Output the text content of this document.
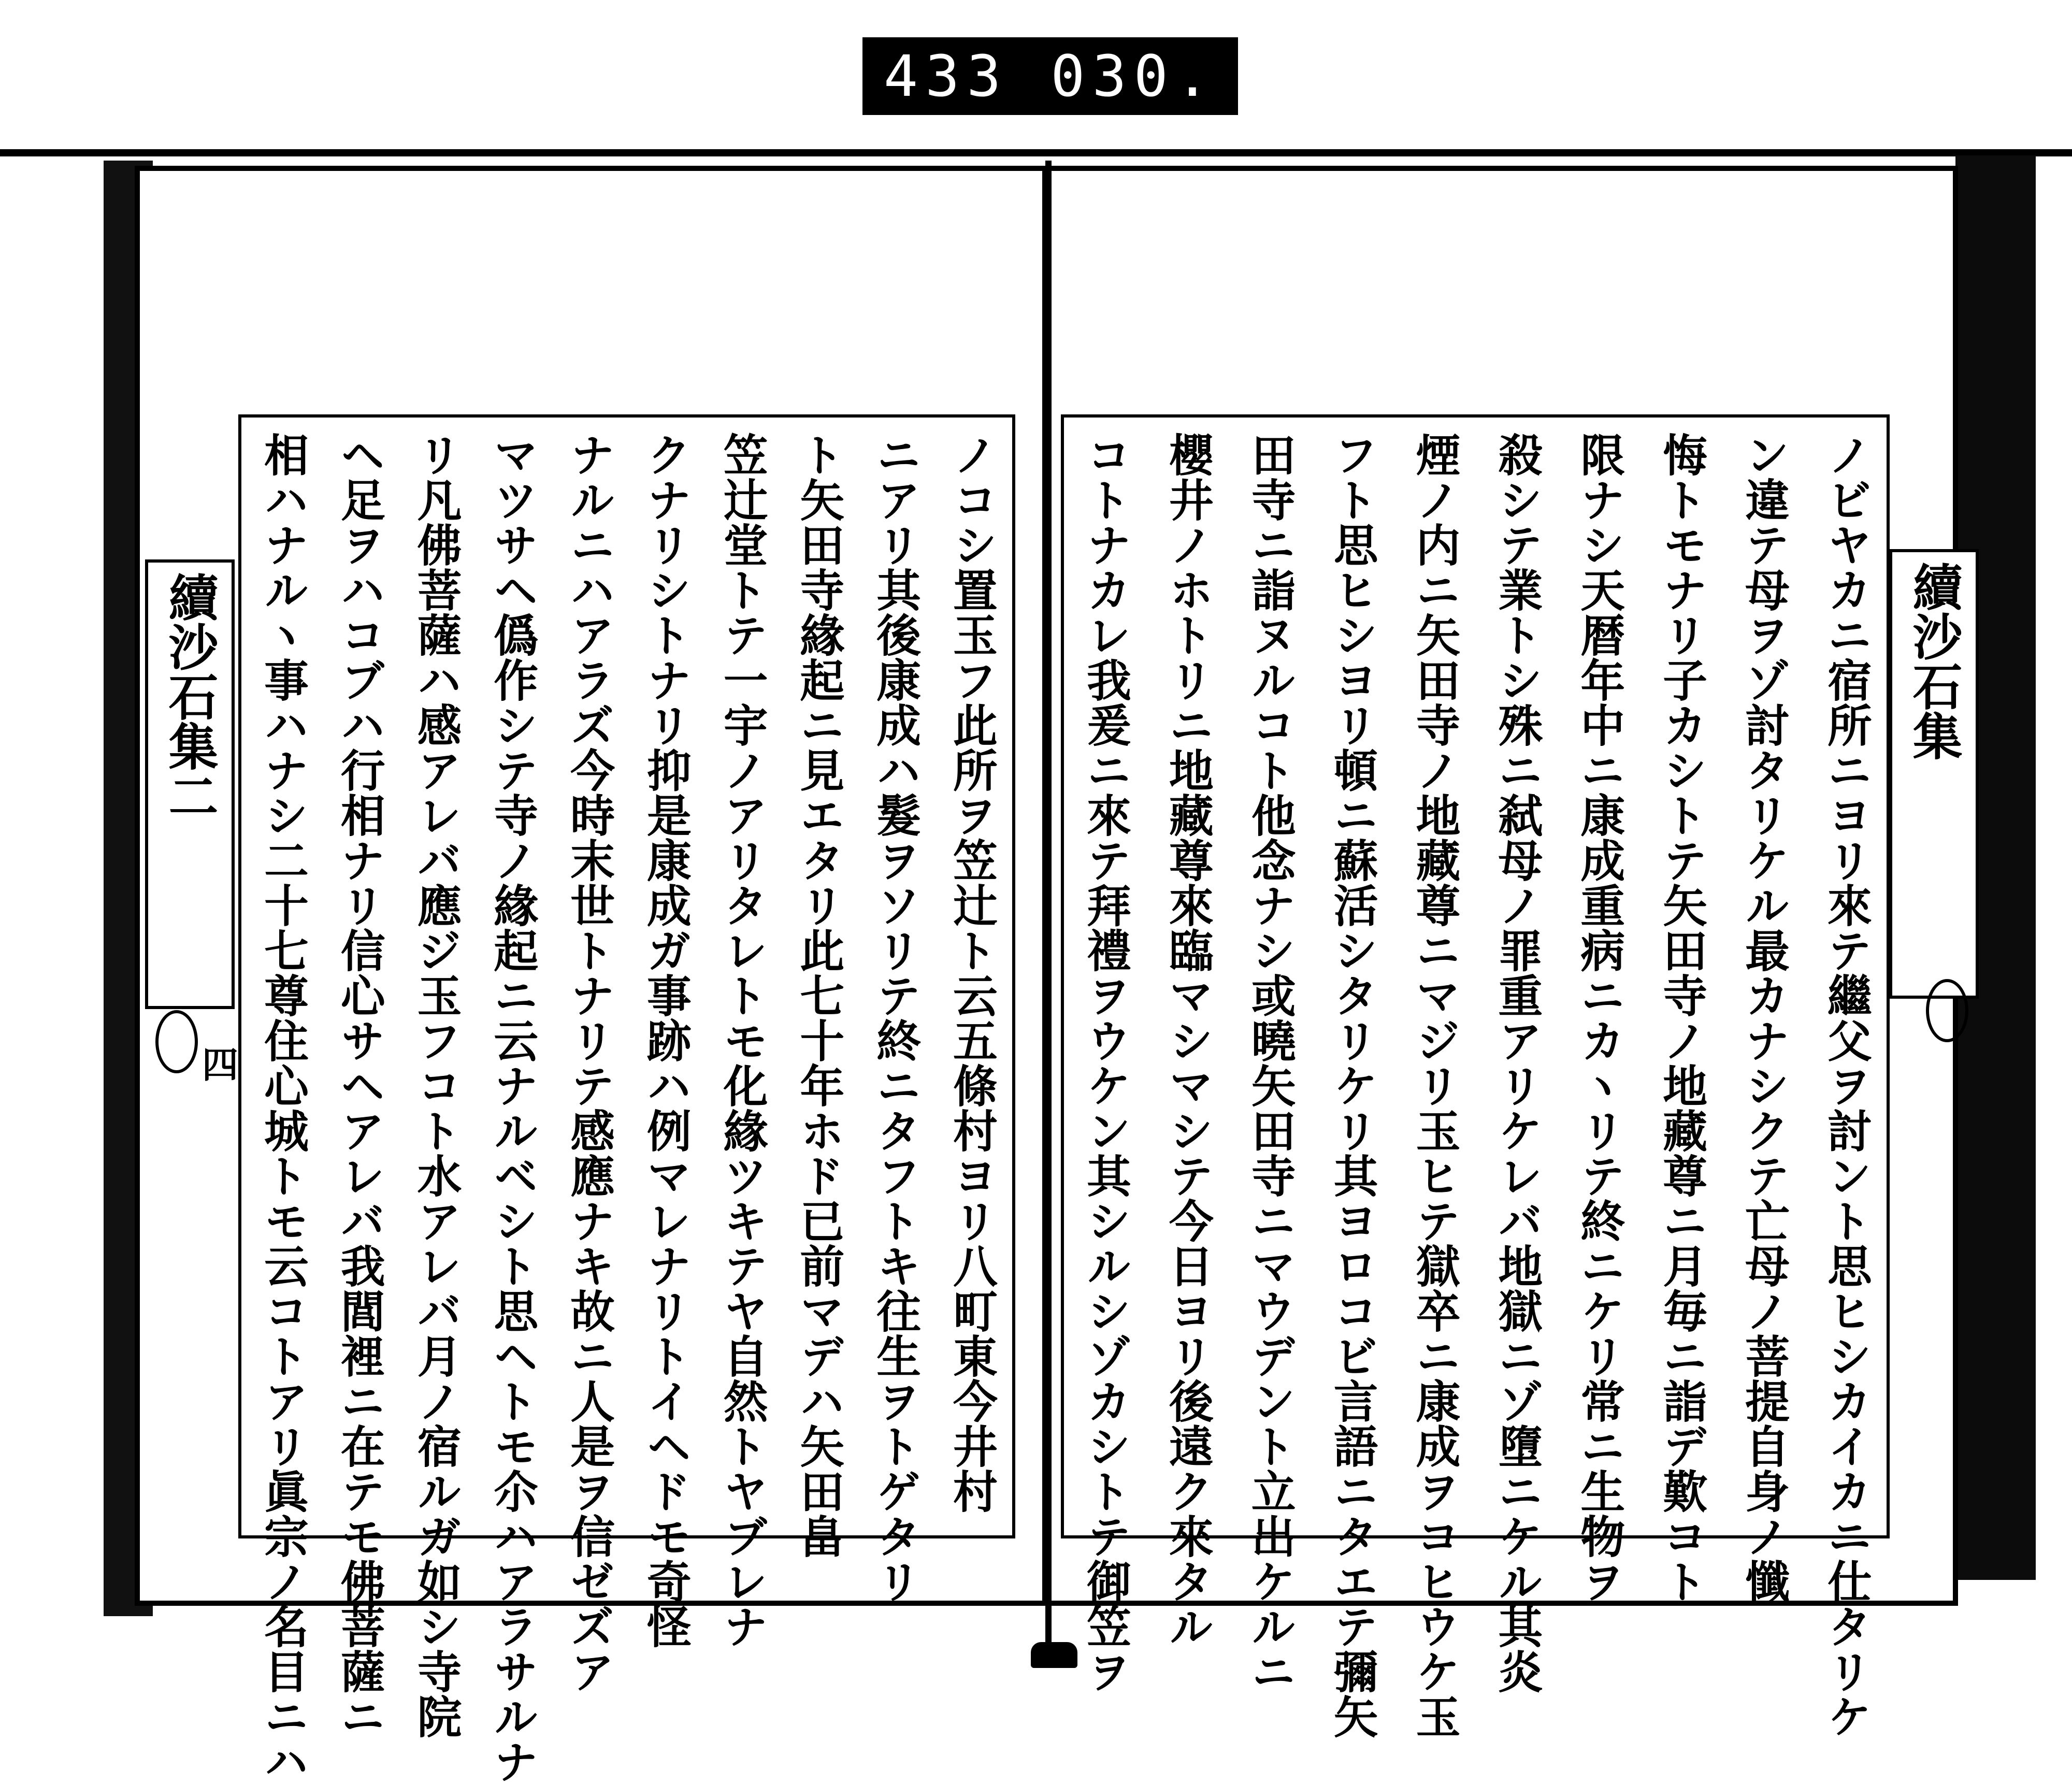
433 030.
續沙石集二
四	ノコシ置玉フ此所ヲ笠辻ト云五條村ヨリ八町東今井村
ニアリ其後康成ハ髮ヲソリテ終ニタフトキ往生ヲトゲタリ
ト矢田寺緣起ニ見エタリ此七十年ホド已前マデハ矢田畠
笠辻堂トテ一宇ノアリタレトモ化緣ツキテヤ自然トヤブレナ
クナリシトナリ抑是康成ガ事跡ハ例マレナリトイヘドモ奇怪
ナルニハアラズ今時末世トナリテ感應ナキ故ニ人是ヲ信ゼズア
マツサヘ僞作シテ寺ノ緣起ニ云ナルベシト思ヘトモ尒ハアラサルナ
リ凡佛菩薩ハ感アレバ應ジ玉フコト水アレバ月ノ宿ルガ如シ寺院
ヘ足ヲハコブハ行相ナリ信心サヘアレバ我閭裡ニ在テモ佛菩薩ニ
相ハナルヽ事ハナシ二十七尊住心城トモ云コトアリ眞宗ノ名目ニハ	續沙石集
ノビヤカニ宿所ニヨリ來テ繼父ヲ討ント思ヒシカイカニ仕タリケ
ン違テ母ヲゾ討タリケル最カナシクテ亡母ノ菩提自身ノ懺
悔トモナリ子カシトテ矢田寺ノ地藏尊ニ月毎ニ詣デ歎コト
限ナシ天暦年中ニ康成重病ニカヽリテ終ニケリ常ニ生物ヲ
殺シテ業トシ殊ニ弑母ノ罪重アリケレバ地獄ニゾ墮ニケル其炎
煙ノ内ニ矢田寺ノ地藏尊ニマジリ玉ヒテ獄卒ニ康成ヲコヒウケ玉
フト思ヒシヨリ頓ニ蘇活シタリケリ其ヨロコビ言語ニタエテ彌矢
田寺ニ詣ヌルコト他念ナシ或曉矢田寺ニマウデント立出ケルニ
櫻井ノホトリニ地藏尊來臨マシマシテ今日ヨリ後遠ク來タル
コトナカレ我爰ニ來テ拜禮ヲウケン其シルシゾカシトテ御笠ヲ
